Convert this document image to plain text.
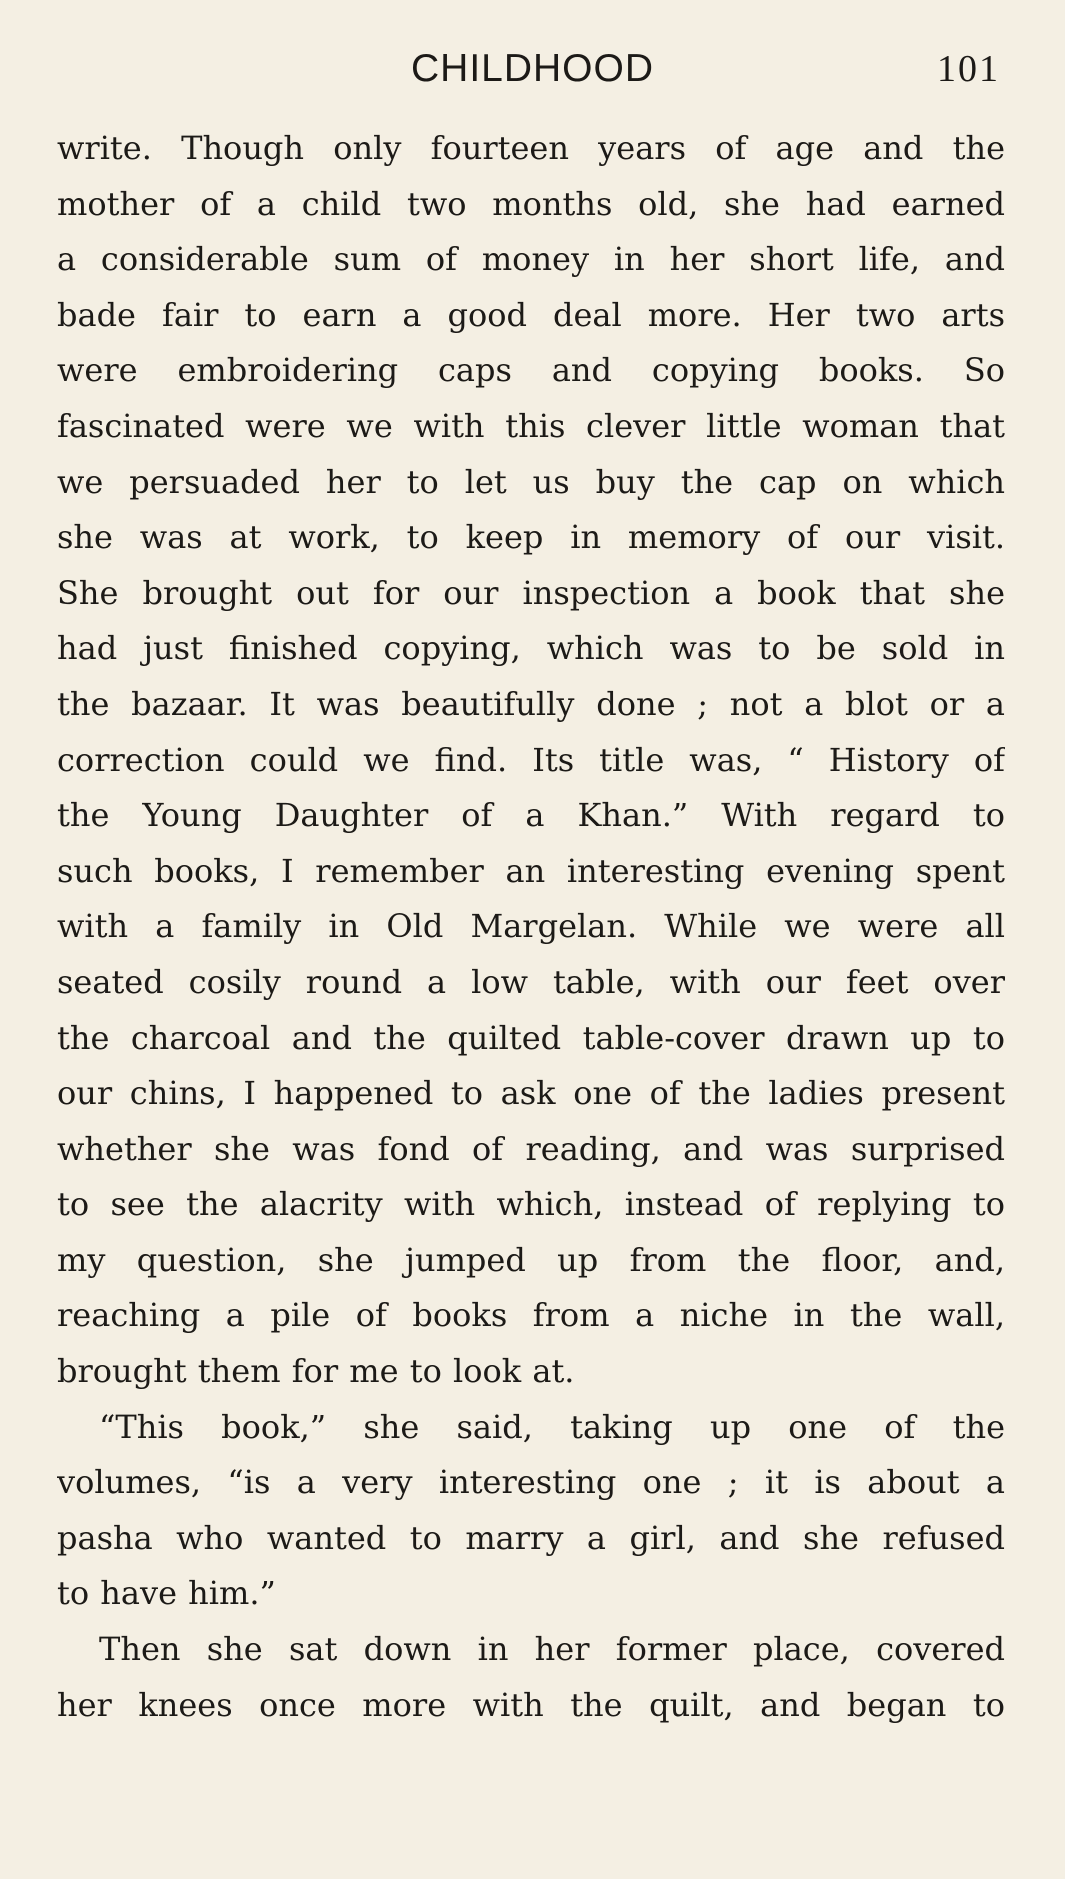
CHILDHOOD	101
write. Though only fourteen years of age and the
mother of a child two months old, she had earned
a considerable sum of money in her short life, and
bade fair to earn a good deal more. Her two arts
were embroidering caps and copying books. So
fascinated were we with this clever little woman that
we persuaded her to let us buy the cap on which
she was at work, to keep in memory of our visit.
She brought out for our inspection a book that she
had just finished copying, which was to be sold in
the bazaar. It was beautifully done ; not a blot or a
correction could we find. Its title was, “ History of
the Young Daughter of a Khan.” With regard to
such books, I remember an interesting evening spent
with a family in Old Margelan. While we were all
seated cosily round a low table, with our feet over
the charcoal and the quilted table-cover drawn up to
our chins, I happened to ask one of the ladies present
whether she was fond of reading, and was surprised
to see the alacrity with which, instead of replying to
my question, she jumped up from the floor, and,
reaching a pile of books from a niche in the wall,
brought them for me to look at.
“This book,” she said, taking up one of the
volumes, “is a very interesting one ; it is about a
pasha who wanted to marry a girl, and she refused
to have him.”
Then she sat down in her former place, covered
her knees once more with the quilt, and began to
